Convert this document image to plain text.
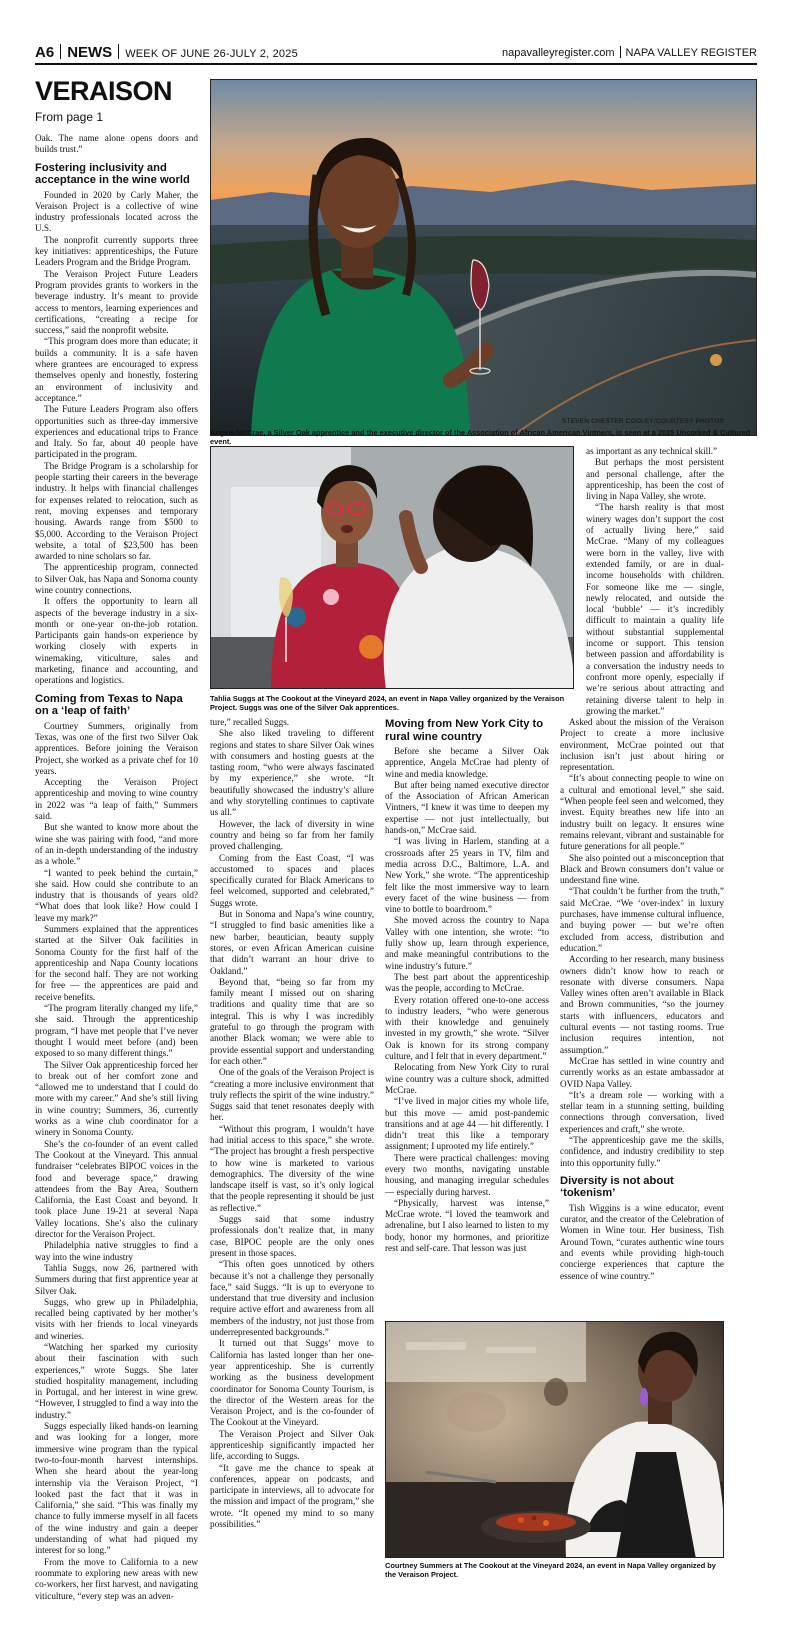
A6 NEWS WEEK OF JUNE 26-JULY 2, 2025	napavalleyregister.com NAPA VALLEY REGISTER
VERAISON
From page 1

Oak. The name alone opens doors and builds trust.”

Fostering inclusivity and acceptance in the wine world

Founded in 2020 by Carly Maher, the Veraison Project is a collective of wine industry professionals located across the U.S.

The nonprofit currently supports three key initiatives: apprenticeships, the Future Leaders Program and the Bridge Program.

The Veraison Project Future Leaders Program provides grants to workers in the beverage industry. It’s meant to provide access to mentors, learning experiences and certifications, “creating a recipe for success,” said the nonprofit website.

“This program does more than educate; it builds a community. It is a safe haven where grantees are encouraged to express themselves openly and honestly, fostering an environment of inclusivity and acceptance.”

The Future Leaders Program also offers opportunities such as three-day immersive experiences and educational trips to France and Italy. So far, about 40 people have participated in the program.

The Bridge Program is a scholarship for people starting their careers in the beverage industry. It helps with financial challenges for expenses related to relocation, such as rent, moving expenses and temporary housing. Awards range from $500 to $5,000. According to the Veraison Project website, a total of $23,500 has been awarded to nine scholars so far.

The apprenticeship program, connected to Silver Oak, has Napa and Sonoma county wine country connections.

It offers the opportunity to learn all aspects of the beverage industry in a six-month or one-year on-the-job rotation. Participants gain hands-on experience by working closely with experts in winemaking, viticulture, sales and marketing, finance and accounting, and operations and logistics.

Coming from Texas to Napa on a ‘leap of faith’

Courtney Summers, originally from Texas, was one of the first two Silver Oak apprentices. Before joining the Veraison Project, she worked as a private chef for 10 years.

Accepting the Veraison Project apprenticeship and moving to wine country in 2022 was “a leap of faith,” Summers said.

But she wanted to know more about the wine she was pairing with food, “and more of an in-depth understanding of the industry as a whole.”

“I wanted to peek behind the curtain,” she said. How could she contribute to an industry that is thousands of years old? “What does that look like? How could I leave my mark?”

Summers explained that the apprentices started at the Silver Oak facilities in Sonoma County for the first half of the apprenticeship and Napa County locations for the second half. They are not working for free — the apprentices are paid and receive benefits.

“The program literally changed my life,” she said. Through the apprenticeship program, “I have met people that I’ve never thought I would meet before (and) been exposed to so many different things.”

The Silver Oak apprenticeship forced her to break out of her comfort zone and “allowed me to understand that I could do more with my career.” And she’s still living in wine country; Summers, 36, currently works as a wine club coordinator for a winery in Sonoma County.

She’s the co-founder of an event called The Cookout at the Vineyard. This annual fundraiser “celebrates BIPOC voices in the food and beverage space,” drawing attendees from the Bay Area, Southern California, the East Coast and beyond. It took place June 19-21 at several Napa Valley locations. She’s also the culinary director for the Veraison Project.

Philadelphia native struggles to find a way into the wine industry

Tahlia Suggs, now 26, partnered with Summers during that first apprentice year at Silver Oak.

Suggs, who grew up in Philadelphia, recalled being captivated by her mother’s visits with her friends to local vineyards and wineries.

“Watching her sparked my curiosity about their fascination with such experiences,” wrote Suggs. She later studied hospitality management, including in Portugal, and her interest in wine grew. “However, I struggled to find a way into the industry.”

Suggs especially liked hands-on learning and was looking for a longer, more immersive wine program than the typical two-to-four-month harvest internships. When she heard about the year-long internship via the Veraison Project, “I looked past the fact that it was in California,” she said. “This was finally my chance to fully immerse myself in all facets of the wine industry and gain a deeper understanding of what had piqued my interest for so long.”

From the move to California to a new roommate to exploring new areas with new co-workers, her first harvest, and navigating viticulture, “every step was an adven-

STEVEN CHESTER COOLEY/COURTESY PHOTOS
Angela McCrae, a Silver Oak apprentice and the executive director of the Association of African American Vintners, is seen at a 2025 Uncorked & Cultured event.
Tahlia Suggs at The Cookout at the Vineyard 2024, an event in Napa Valley organized by the Veraison Project. Suggs was one of the Silver Oak apprentices.

ture,” recalled Suggs.

She also liked traveling to different regions and states to share Silver Oak wines with consumers and hosting guests at the tasting room, “who were always fascinated by my experience,” she wrote. “It beautifully showcased the industry’s allure and why storytelling continues to captivate us all.”

However, the lack of diversity in wine country and being so far from her family proved challenging.

Coming from the East Coast, “I was accustomed to spaces and places specifically curated for Black Americans to feel welcomed, supported and celebrated,” Suggs wrote.

But in Sonoma and Napa’s wine country, “I struggled to find basic amenities like a new barber, beautician, beauty supply stores, or even African American cuisine that didn’t warrant an hour drive to Oakland.”

Beyond that, “being so far from my family meant I missed out on sharing traditions and quality time that are so integral. This is why I was incredibly grateful to go through the program with another Black woman; we were able to provide essential support and understanding for each other.”

One of the goals of the Veraison Project is “creating a more inclusive environment that truly reflects the spirit of the wine industry.” Suggs said that tenet resonates deeply with her.

“Without this program, I wouldn’t have had initial access to this space,” she wrote. “The project has brought a fresh perspective to how wine is marketed to various demographics. The diversity of the wine landscape itself is vast, so it’s only logical that the people representing it should be just as reflective.”

Suggs said that some industry professionals don’t realize that, in many case, BIPOC people are the only ones present in those spaces.

“This often goes unnoticed by others because it’s not a challenge they personally face,” said Suggs. “It is up to everyone to understand that true diversity and inclusion require active effort and awareness from all members of the industry, not just those from underrepresented backgrounds.”

It turned out that Suggs’ move to California has lasted longer than her one-year apprenticeship. She is currently working as the business development coordinator for Sonoma County Tourism, is the director of the Western areas for the Veraison Project, and is the co-founder of The Cookout at the Vineyard.

The Veraison Project and Silver Oak apprenticeship significantly impacted her life, according to Suggs.

“It gave me the chance to speak at conferences, appear on podcasts, and participate in interviews, all to advocate for the mission and impact of the program,” she wrote. “It opened my mind to so many possibilities.”

Moving from New York City to rural wine country

Before she became a Silver Oak apprentice, Angela McCrae had plenty of wine and media knowledge.

But after being named executive director of the Association of African American Vintners, “I knew it was time to deepen my expertise — not just intellectually, but hands-on,” McCrae said.

“I was living in Harlem, standing at a crossroads after 25 years in TV, film and media across D.C., Baltimore, L.A. and New York,” she wrote. “The apprenticeship felt like the most immersive way to learn every facet of the wine business — from vine to bottle to boardroom.”

She moved across the country to Napa Valley with one intention, she wrote: “to fully show up, learn through experience, and make meaningful contributions to the wine industry’s future.”

The best part about the apprenticeship was the people, according to McCrae.

Every rotation offered one-to-one access to industry leaders, “who were generous with their knowledge and genuinely invested in my growth,” she wrote. “Silver Oak is known for its strong company culture, and I felt that in every department.”

Relocating from New York City to rural wine country was a culture shock, admitted McCrae.

“I’ve lived in major cities my whole life, but this move — amid post-pandemic transitions and at age 44 — hit differently. I didn’t treat this like a temporary assignment; I uprooted my life entirely.”

There were practical challenges: moving every two months, navigating unstable housing, and managing irregular schedules — especially during harvest.

“Physically, harvest was intense,” McCrae wrote. “I loved the teamwork and adrenaline, but I also learned to listen to my body, honor my hormones, and prioritize rest and self-care. That lesson was just

as important as any technical skill.”

But perhaps the most persistent and personal challenge, after the apprenticeship, has been the cost of living in Napa Valley, she wrote.

“The harsh reality is that most winery wages don’t support the cost of actually living here,” said McCrae. “Many of my colleagues were born in the valley, live with extended family, or are in dual-income households with children. For someone like me — single, newly relocated, and outside the local ‘bubble’ — it’s incredibly difficult to maintain a quality life without substantial supplemental income or support. This tension between passion and affordability is a conversation the industry needs to confront more openly, especially if we’re serious about attracting and retaining diverse talent to help in growing the market.”

Asked about the mission of the Veraison Project to create a more inclusive environment, McCrae pointed out that inclusion isn’t just about hiring or representation.

“It’s about connecting people to wine on a cultural and emotional level,” she said. “When people feel seen and welcomed, they invest. Equity breathes new life into an industry built on legacy. It ensures wine remains relevant, vibrant and sustainable for future generations for all people.”

She also pointed out a misconception that Black and Brown consumers don’t value or understand fine wine.

“That couldn’t be further from the truth,” said McCrae. “We ‘over-index’ in luxury purchases, have immense cultural influence, and buying power — but we’re often excluded from access, distribution and education.”

According to her research, many business owners didn’t know how to reach or resonate with diverse consumers. Napa Valley wines often aren’t available in Black and Brown communities, “so the journey starts with influencers, educators and cultural events — not tasting rooms. True inclusion requires intention, not assumption.”

McCrae has settled in wine country and currently works as an estate ambassador at OVID Napa Valley.

“It’s a dream role — working with a stellar team in a stunning setting, building connections through conversation, lived experiences and craft,” she wrote.

“The apprenticeship gave me the skills, confidence, and industry credibility to step into this opportunity fully.”

Diversity is not about ‘tokenism’

Tish Wiggins is a wine educator, event curator, and the creator of the Celebration of Women in Wine tour. Her business, Tish Around Town, “curates authentic wine tours and events while providing high-touch concierge experiences that capture the essence of wine country.”

Courtney Summers at The Cookout at the Vineyard 2024, an event in Napa Valley organized by the Veraison Project.
